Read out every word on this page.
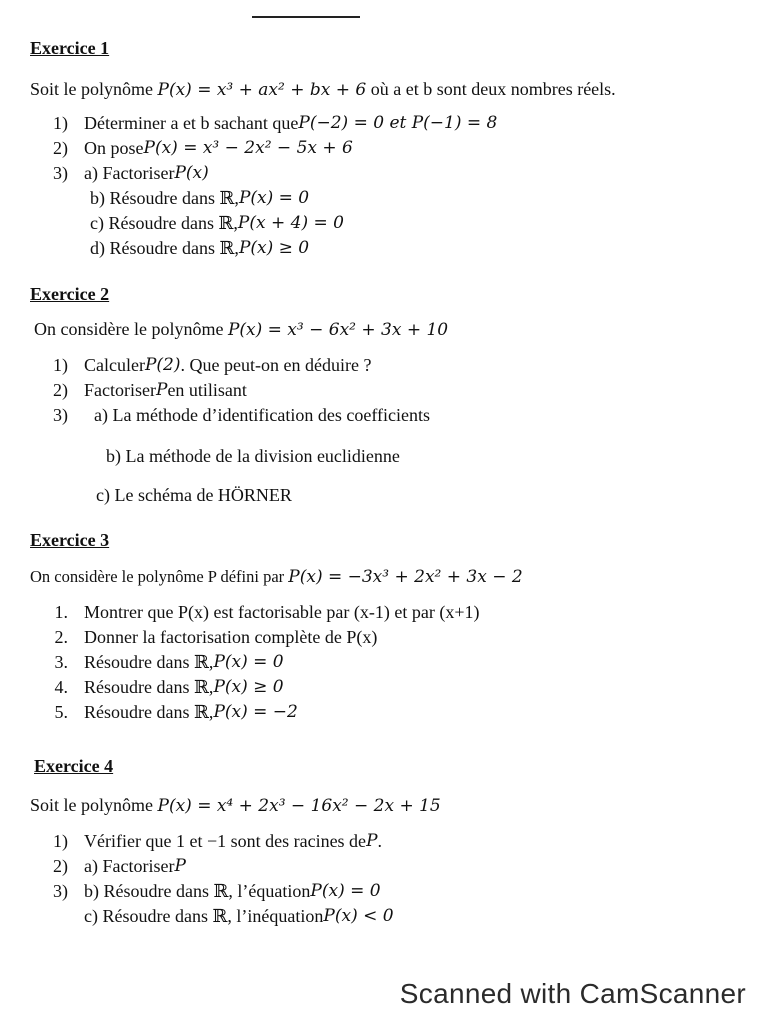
Exercice 1

Soit le polynôme P(x) = x³ + ax² + bx + 6 où a et b sont deux nombres réels.
1) Déterminer a et b sachant que P(−2) = 0 et P(−1) = 8
2) On pose P(x) = x³ − 2x² − 5x + 6
3) a) Factoriser P(x)
b) Résoudre dans ℝ, P(x) = 0
c) Résoudre dans ℝ, P(x + 4) = 0
d) Résoudre dans ℝ, P(x) ≥ 0

Exercice 2

On considère le polynôme P(x) = x³ − 6x² + 3x + 10
1) Calculer P(2) . Que peut-on en déduire ?
2) Factoriser P en utilisant
3)	a) La méthode d’identification des coefficients
b) La méthode de la division euclidienne
c) Le schéma de HÖRNER

Exercice 3

On considère le polynôme P défini par P(x) = −3x³ + 2x² + 3x − 2
1. Montrer que P(x) est factorisable par (x-1) et par (x+1)
2. Donner la factorisation complète de P(x)
3. Résoudre dans ℝ, P(x) = 0
4. Résoudre dans ℝ, P(x) ≥ 0
5. Résoudre dans ℝ, P(x) = −2

Exercice 4

Soit le polynôme P(x) = x⁴ + 2x³ − 16x² − 2x + 15
1) Vérifier que 1 et −1 sont des racines de P .
2) a) Factoriser P
3) b) Résoudre dans ℝ, l’équation P(x) = 0
c) Résoudre dans ℝ, l’inéquation P(x) < 0
Scanned with CamScanner
